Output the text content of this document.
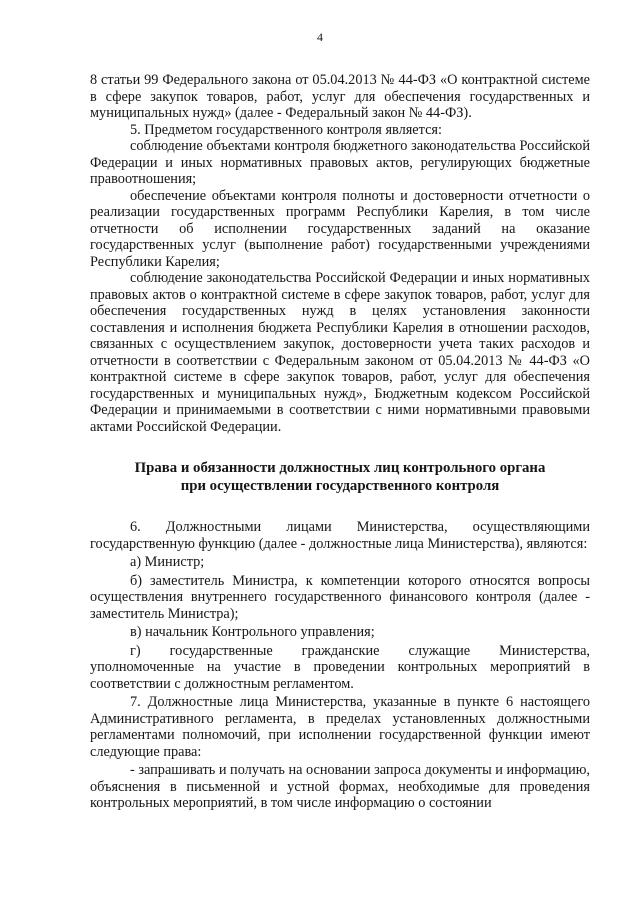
4

8 статьи 99 Федерального закона от 05.04.2013 № 44-ФЗ «О контрактной системе в сфере закупок товаров, работ, услуг для обеспечения государственных и муниципальных нужд» (далее - Федеральный закон № 44-ФЗ).

5. Предметом государственного контроля является:

соблюдение объектами контроля бюджетного законодательства Российской Федерации и иных нормативных правовых актов, регулирующих бюджетные правоотношения;

обеспечение объектами контроля полноты и достоверности отчетности о реализации государственных программ Республики Карелия, в том числе отчетности об исполнении государственных заданий на оказание государственных услуг (выполнение работ) государственными учреждениями Республики Карелия;

соблюдение законодательства Российской Федерации и иных нормативных правовых актов о контрактной системе в сфере закупок товаров, работ, услуг для обеспечения государственных нужд в целях установления законности составления и исполнения бюджета Республики Карелия в отношении расходов, связанных с осуществлением закупок, достоверности учета таких расходов и отчетности в соответствии с Федеральным законом от 05.04.2013 № 44-ФЗ «О контрактной системе в сфере закупок товаров, работ, услуг для обеспечения государственных и муниципальных нужд», Бюджетным кодексом Российской Федерации и принимаемыми в соответствии с ними нормативными правовыми актами Российской Федерации.

Права и обязанности должностных лиц контрольного органа
при осуществлении государственного контроля

6. Должностными лицами Министерства, осуществляющими государственную функцию (далее - должностные лица Министерства), являются:

а) Министр;

б) заместитель Министра, к компетенции которого относятся вопросы осуществления внутреннего государственного финансового контроля (далее - заместитель Министра);

в) начальник Контрольного управления;

г) государственные гражданские служащие Министерства, уполномоченные на участие в проведении контрольных мероприятий в соответствии с должностным регламентом.

7. Должностные лица Министерства, указанные в пункте 6 настоящего Административного регламента, в пределах установленных должностными регламентами полномочий, при исполнении государственной функции имеют следующие права:

- запрашивать и получать на основании запроса документы и информацию, объяснения в письменной и устной формах, необходимые для проведения контрольных мероприятий, в том числе информацию о состоянии
